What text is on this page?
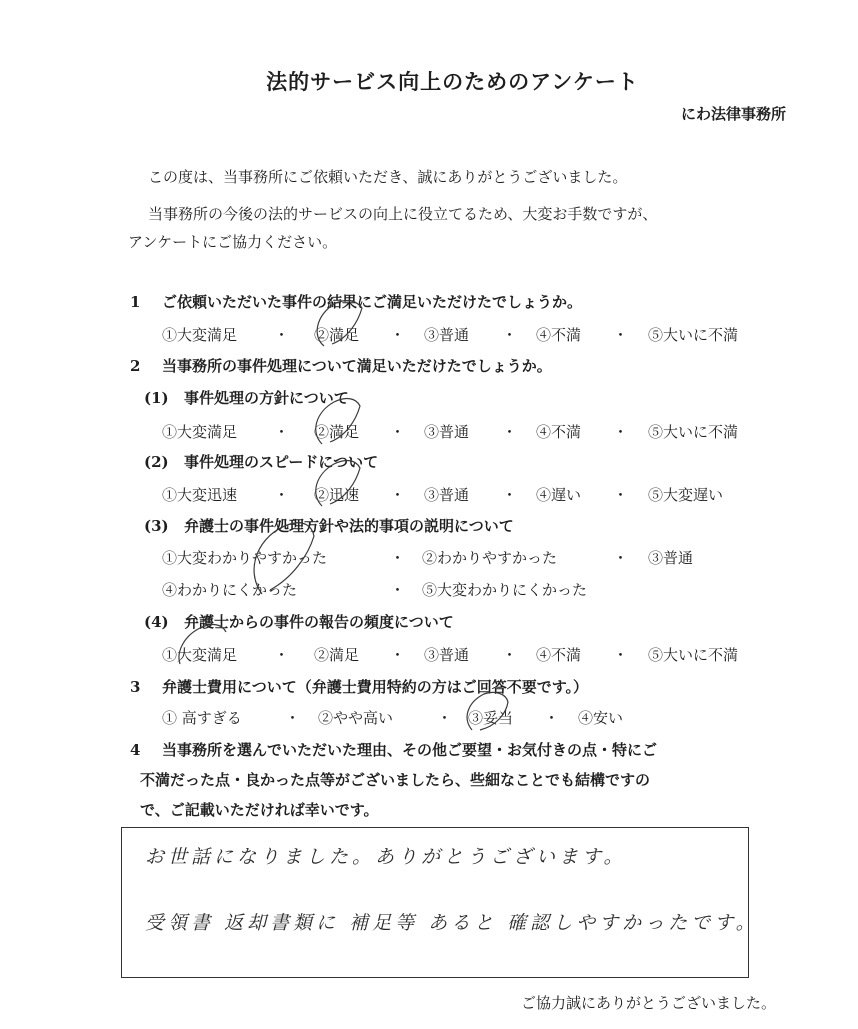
法的サービス向上のためのアンケート
にわ法律事務所
この度は、当事務所にご依頼いただき、誠にありがとうございました。
当事務所の今後の法的サービスの向上に役立てるため、大変お手数ですが、
アンケートにご協力ください。
1 ご依頼いただいた事件の結果にご満足いただけたでしょうか。
①大変満足 ・ ②満足 ・ ③普通 ・ ④不満 ・ ⑤大いに不満
2 当事務所の事件処理について満足いただけたでしょうか。
(1) 事件処理の方針について
①大変満足 ・ ②満足 ・ ③普通 ・ ④不満 ・ ⑤大いに不満
(2) 事件処理のスピードについて
①大変迅速 ・ ②迅速 ・ ③普通 ・ ④遅い ・ ⑤大変遅い
(3) 弁護士の事件処理方針や法的事項の説明について
①大変わかりやすかった	・ ②わかりやすかった	・ ③普通
④わかりにくかった	・ ⑤大変わかりにくかった
(4) 弁護士からの事件の報告の頻度について
①大変満足 ・ ②満足 ・ ③普通 ・ ④不満 ・ ⑤大いに不満
3 弁護士費用について（弁護士費用特約の方はご回答不要です。）
① 高すぎる	・ ②やや高い	・ ③妥当 ・ ④安い
4 当事務所を選んでいただいた理由、その他ご要望・お気付きの点・特にご
不満だった点・良かった点等がございましたら、些細なことでも結構ですの
で、ご記載いただければ幸いです。
お世話になりました。ありがとうございます。
受領書 返却書類に 補足等 あると 確認しやすかったです。
ご協力誠にありがとうございました。
